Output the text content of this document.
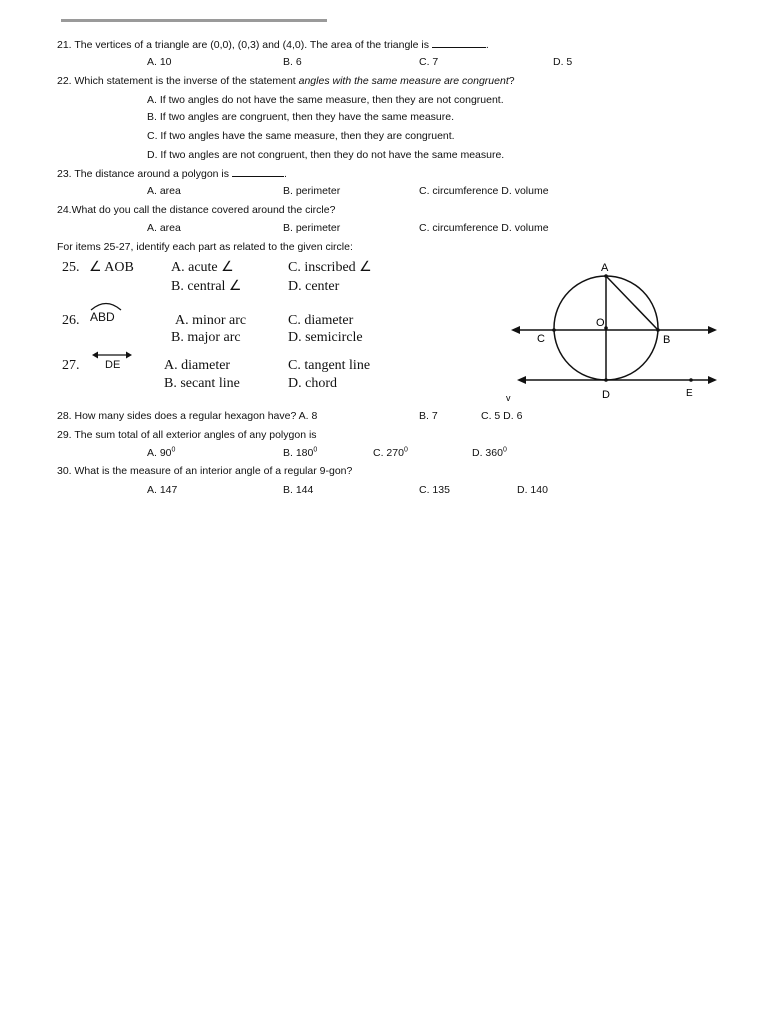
21. The vertices of a triangle are (0,0), (0,3) and (4,0). The area of the triangle is	.
A. 10	B. 6	C. 7	D. 5
22. Which statement is the inverse of the statement angles with the same measure are congruent?
A. If two angles do not have the same measure, then they are not congruent.
B. If two angles are congruent, then they have the same measure.
C. If two angles have the same measure, then they are congruent.
D. If two angles are not congruent, then they do not have the same measure.
23. The distance around a polygon is	.
A. area	B. perimeter	C. circumference D. volume
24.What do you call the distance covered around the circle?
A. area	B. perimeter	C. circumference D. volume
For items 25-27, identify each part as related to the given circle:
25. ∠ AOB	A. acute ∠
B. central ∠
C. inscribed ∠
D. center
26. ABD	A. minor arc
B. major arc
C. diameter
D. semicircle
27. DE	A. diameter
B. secant line
C. tangent line
D. chord
A
O
C	B
D	E
v
28. How many sides does a regular hexagon have? A. 8	B. 7	C. 5 D. 6
29. The sum total of all exterior angles of any polygon is
A. $90^0$	B. $180^0$	C. $270^0$	D. $360^0$
30. What is the measure of an interior angle of a regular 9-gon?
A. 147	B. 144	C. 135	D. 140
